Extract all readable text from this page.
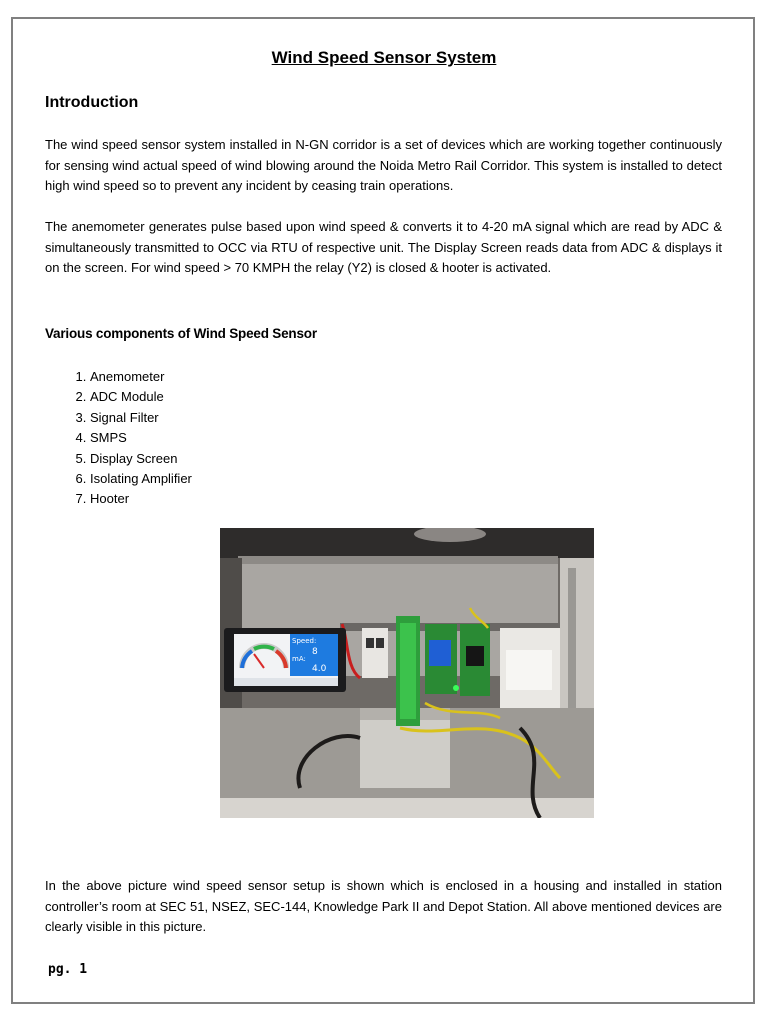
Wind Speed Sensor System
Introduction
The wind speed sensor system installed in N-GN corridor is a set of devices which are working together continuously for sensing wind actual speed of wind blowing around the Noida Metro Rail Corridor. This system is installed to detect high wind speed so to prevent any incident by ceasing train operations.
The anemometer generates pulse based upon wind speed & converts it to 4-20 mA signal which are read by ADC & simultaneously transmitted to OCC via RTU of respective unit. The Display Screen reads data from ADC & displays it on the screen. For wind speed > 70 KMPH the relay (Y2) is closed & hooter is activated.
Various components of Wind Speed Sensor
1. Anemometer
2. ADC Module
3. Signal Filter
4. SMPS
5. Display Screen
6. Isolating Amplifier
7. Hooter
Speed:
8
mA:
4.0
In the above picture wind speed sensor setup is shown which is enclosed in a housing and installed in station controller’s room at SEC 51, NSEZ, SEC-144, Knowledge Park II and Depot Station. All above mentioned devices are clearly visible in this picture.
pg. 1
